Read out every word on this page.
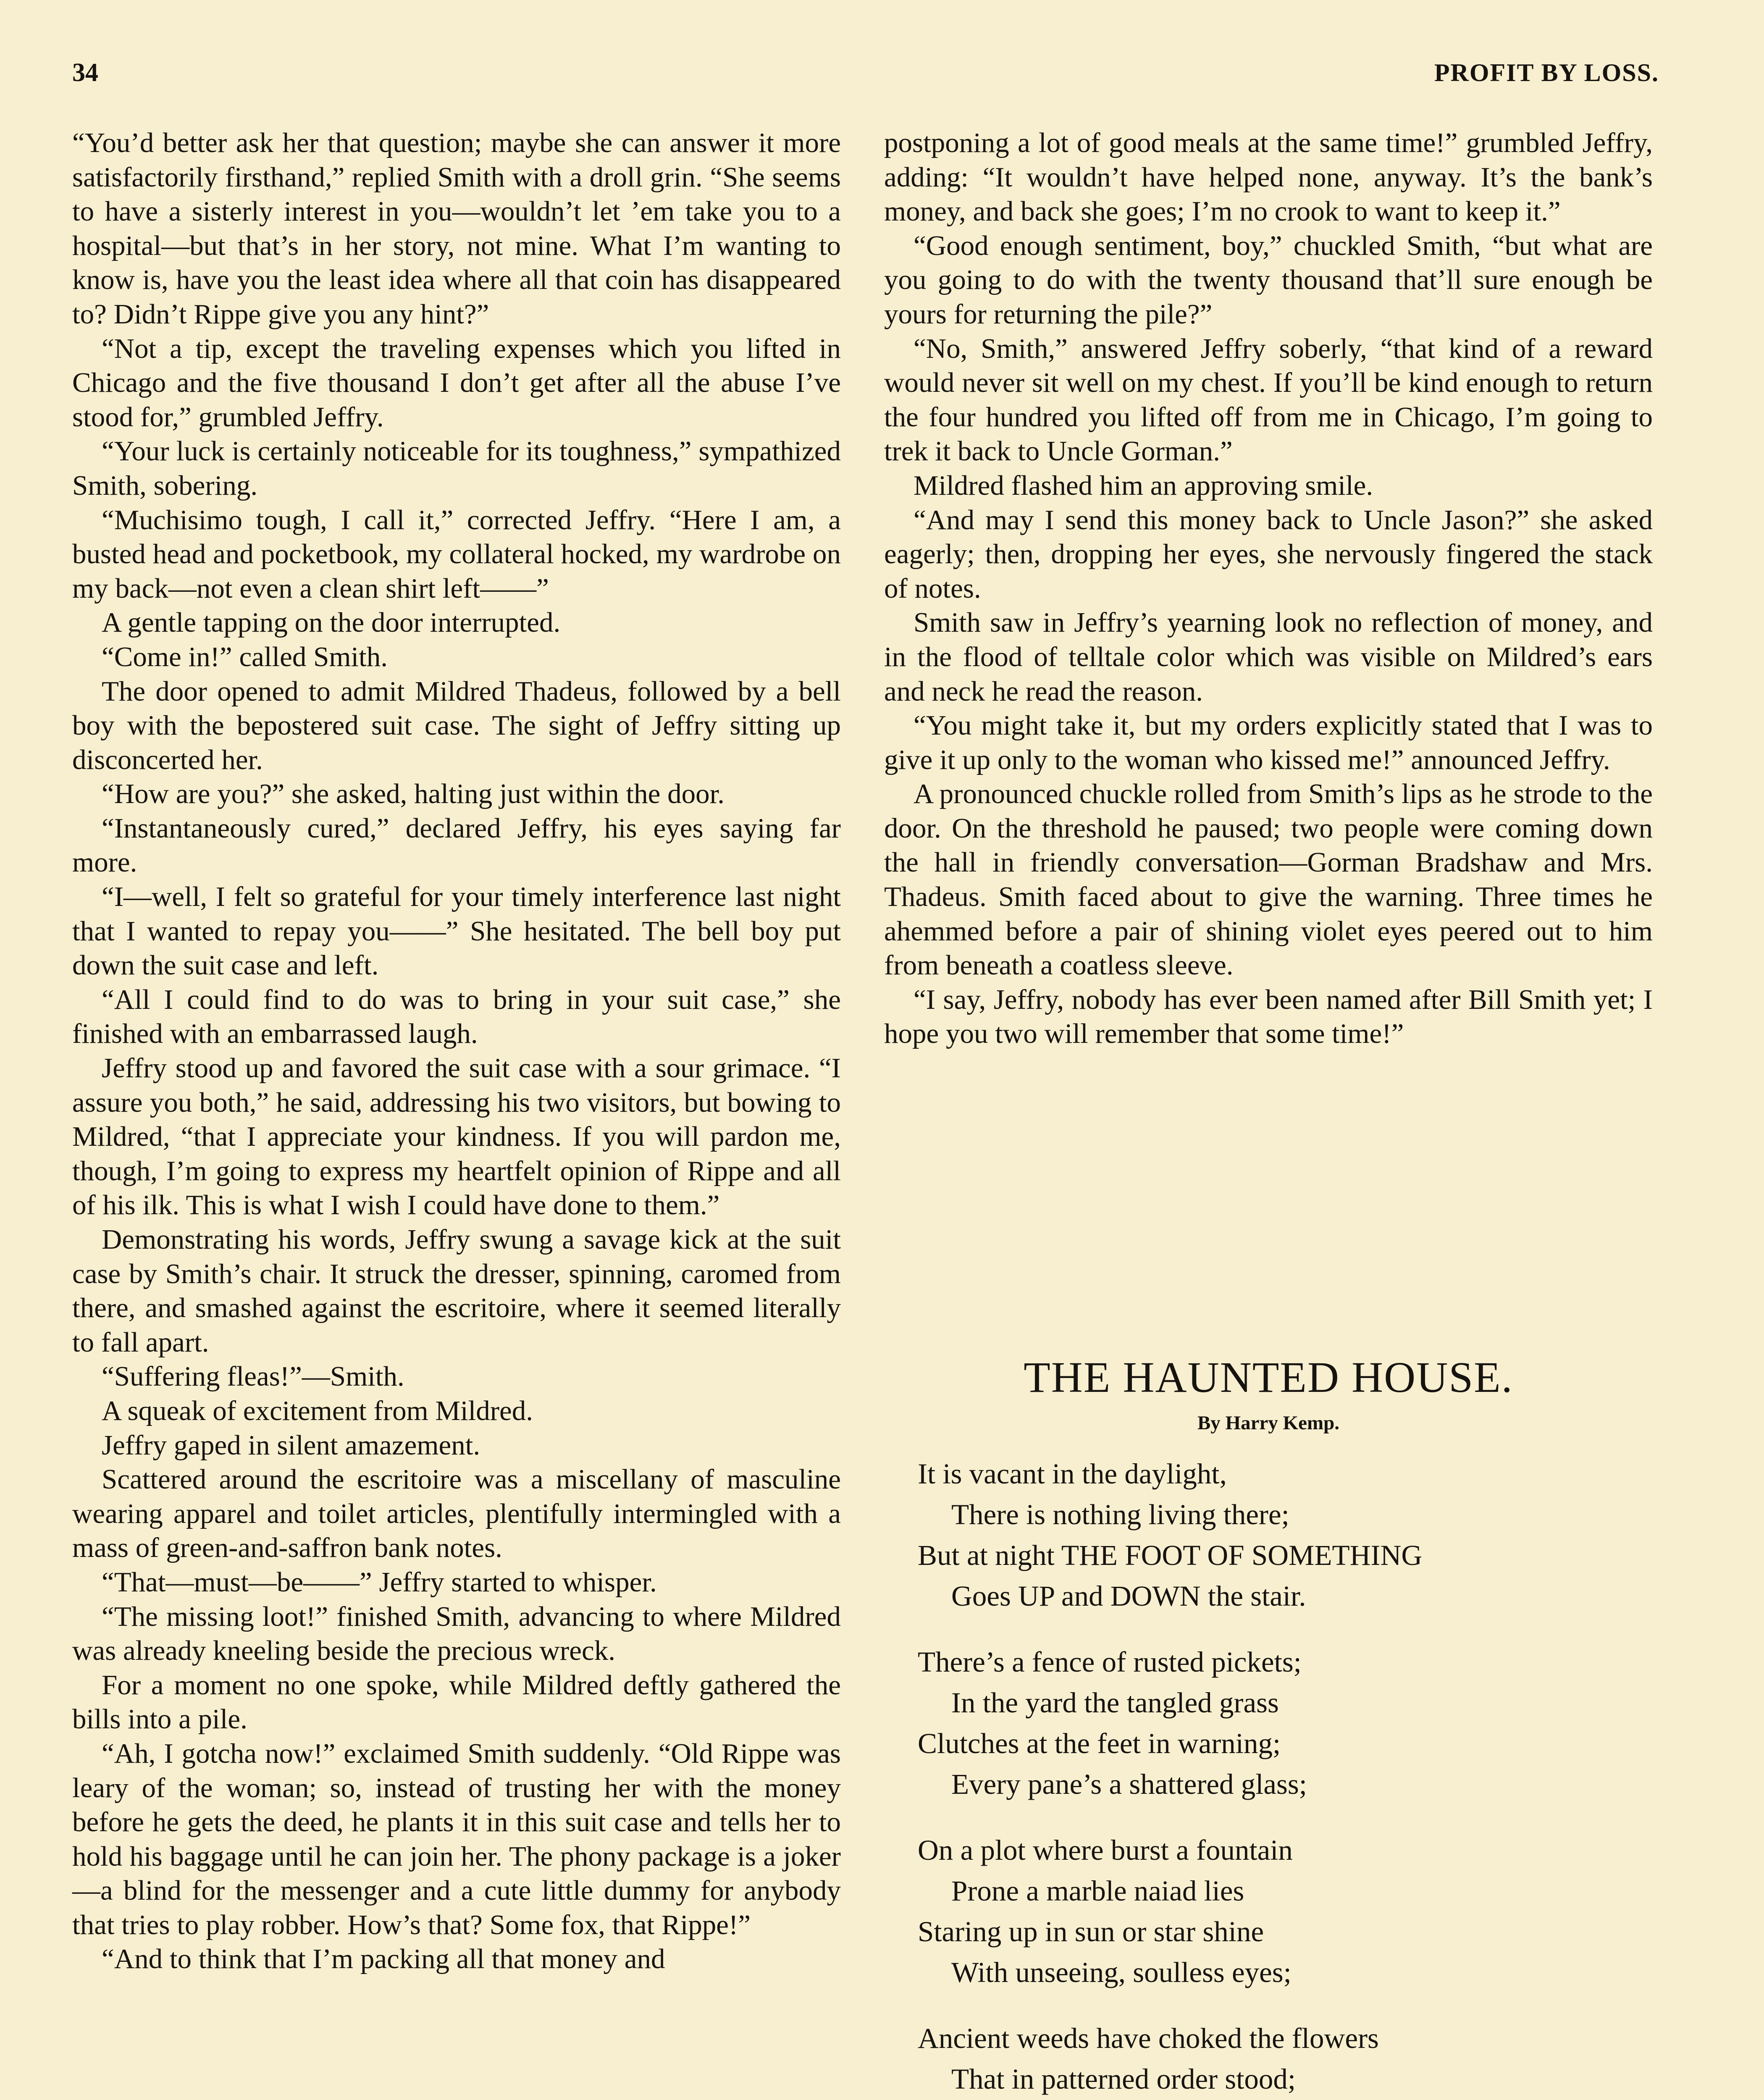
34	PROFIT BY LOSS.

“You’d better ask her that question; maybe she can answer it more satisfactorily firsthand,” replied Smith with a droll grin. “She seems to have a sisterly interest in you—wouldn’t let ’em take you to a hospital—but that’s in her story, not mine. What I’m wanting to know is, have you the least idea where all that coin has disappeared to? Didn’t Rippe give you any hint?”

“Not a tip, except the traveling expenses which you lifted in Chicago and the five thousand I don’t get after all the abuse I’ve stood for,” grumbled Jeffry.

“Your luck is certainly noticeable for its toughness,” sympathized Smith, sobering.

“Muchisimo tough, I call it,” corrected Jeffry. “Here I am, a busted head and pocketbook, my collateral hocked, my wardrobe on my back—not even a clean shirt left——”

A gentle tapping on the door interrupted.

“Come in!” called Smith.

The door opened to admit Mildred Thadeus, followed by a bell boy with the bepostered suit case. The sight of Jeffry sitting up disconcerted her.

“How are you?” she asked, halting just within the door.

“Instantaneously cured,” declared Jeffry, his eyes saying far more.

“I—well, I felt so grateful for your timely interference last night that I wanted to repay you——” She hesitated. The bell boy put down the suit case and left.

“All I could find to do was to bring in your suit case,” she finished with an embarrassed laugh.

Jeffry stood up and favored the suit case with a sour grimace. “I assure you both,” he said, addressing his two visitors, but bowing to Mildred, “that I appreciate your kindness. If you will pardon me, though, I’m going to express my heartfelt opinion of Rippe and all of his ilk. This is what I wish I could have done to them.”

Demonstrating his words, Jeffry swung a savage kick at the suit case by Smith’s chair. It struck the dresser, spinning, caromed from there, and smashed against the escritoire, where it seemed literally to fall apart.

“Suffering fleas!”—Smith.

A squeak of excitement from Mildred.

Jeffry gaped in silent amazement.

Scattered around the escritoire was a miscellany of masculine wearing apparel and toilet articles, plentifully intermingled with a mass of green-and-saffron bank notes.

“That—must—be——” Jeffry started to whisper.

“The missing loot!” finished Smith, advancing to where Mildred was already kneeling beside the precious wreck.

For a moment no one spoke, while Mildred deftly gathered the bills into a pile.

“Ah, I gotcha now!” exclaimed Smith suddenly. “Old Rippe was leary of the woman; so, instead of trusting her with the money before he gets the deed, he plants it in this suit case and tells her to hold his baggage until he can join her. The phony package is a joker—a blind for the messenger and a cute little dummy for anybody that tries to play robber. How’s that? Some fox, that Rippe!”

“And to think that I’m packing all that money and

postponing a lot of good meals at the same time!” grumbled Jeffry, adding: “It wouldn’t have helped none, anyway. It’s the bank’s money, and back she goes; I’m no crook to want to keep it.”

“Good enough sentiment, boy,” chuckled Smith, “but what are you going to do with the twenty thousand that’ll sure enough be yours for returning the pile?”

“No, Smith,” answered Jeffry soberly, “that kind of a reward would never sit well on my chest. If you’ll be kind enough to return the four hundred you lifted off from me in Chicago, I’m going to trek it back to Uncle Gorman.”

Mildred flashed him an approving smile.

“And may I send this money back to Uncle Jason?” she asked eagerly; then, dropping her eyes, she nervously fingered the stack of notes.

Smith saw in Jeffry’s yearning look no reflection of money, and in the flood of telltale color which was visible on Mildred’s ears and neck he read the reason.

“You might take it, but my orders explicitly stated that I was to give it up only to the woman who kissed me!” announced Jeffry.

A pronounced chuckle rolled from Smith’s lips as he strode to the door. On the threshold he paused; two people were coming down the hall in friendly conversation—Gorman Bradshaw and Mrs. Thadeus. Smith faced about to give the warning. Three times he ahemmed before a pair of shining violet eyes peered out to him from beneath a coatless sleeve.

“I say, Jeffry, nobody has ever been named after Bill Smith yet; I hope you two will remember that some time!”

THE HAUNTED HOUSE.
By Harry Kemp.
It is vacant in the daylight,
There is nothing living there;
But at night THE FOOT OF SOMETHING
Goes UP and DOWN the stair.
There’s a fence of rusted pickets;
In the yard the tangled grass
Clutches at the feet in warning;
Every pane’s a shattered glass;
On a plot where burst a fountain
Prone a marble naiad lies
Staring up in sun or star shine
With unseeing, soulless eyes;
Ancient weeds have choked the flowers
That in patterned order stood;
